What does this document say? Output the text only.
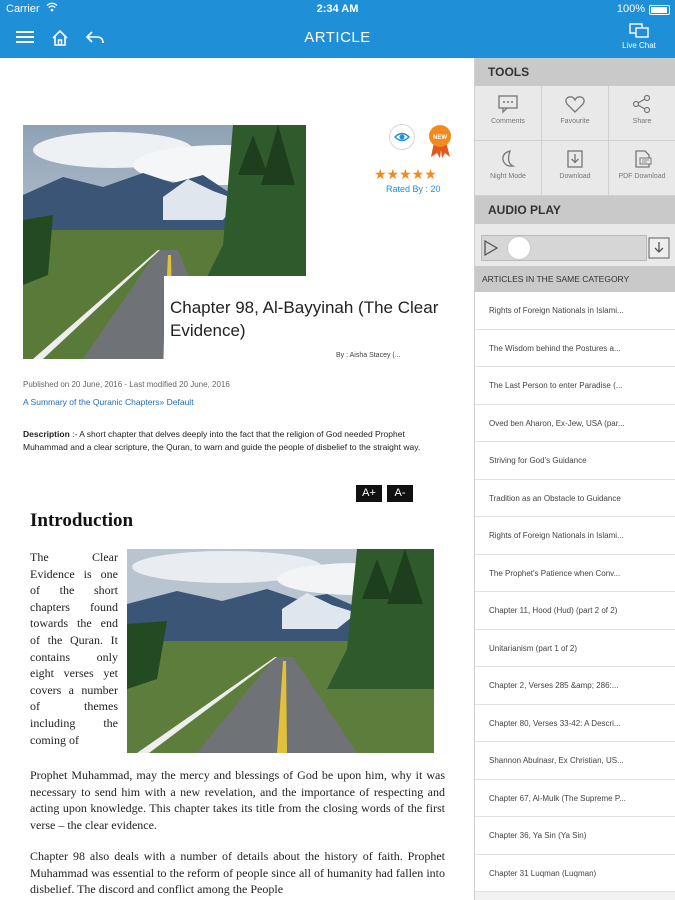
Carrier	2:34 AM	100%
ARTICLE	Live Chat
NEW
★★★★★
Rated By : 20
Chapter 98, Al-Bayyinah (The Clear Evidence)
By : Aisha Stacey (...
Published on 20 June, 2016 - Last modified 20 June, 2016
A Summary of the Quranic Chapters» Default
Description :- A short chapter that delves deeply into the fact that the religion of God needed Prophet Muhammad and a clear scripture, the Quran, to warn and guide the people of disbelief to the straight way.
A+	A-
Introduction
The Clear Evidence is one of the short chapters found towards the end of the Quran. It contains only eight verses yet covers a number of themes including the coming of
Prophet Muhammad, may the mercy and blessings of God be upon him, why it was necessary to send him with a new revelation, and the importance of respecting and acting upon knowledge. This chapter takes its title from the closing words of the first verse – the clear evidence.
Chapter 98 also deals with a number of details about the history of faith. Prophet Muhammad was essential to the reform of people since all of humanity had fallen into disbelief. The discord and conflict among the People
TOOLS
Comments	Favourite	Share
Night Mode	Download	PDF Download
AUDIO PLAY
ARTICLES IN THE SAME CATEGORY
Rights of Foreign Nationals in Islami...
The Wisdom behind the Postures a...
The Last Person to enter Paradise (...
Oved ben Aharon, Ex-Jew, USA (par...
Striving for God's Guidance
Tradition as an Obstacle to Guidance
Rights of Foreign Nationals in Islami...
The Prophet's Patience when Conv...
Chapter 11, Hood (Hud) (part 2 of 2)
Unitarianism (part 1 of 2)
Chapter 2, Verses 285 &amp; 286:...
Chapter 80, Verses 33-42: A Descri...
Shannon Abulnasr, Ex Christian, US...
Chapter 67, Al-Mulk (The Supreme P...
Chapter 36, Ya Sin (Ya Sin)
Chapter 31 Luqman (Luqman)
